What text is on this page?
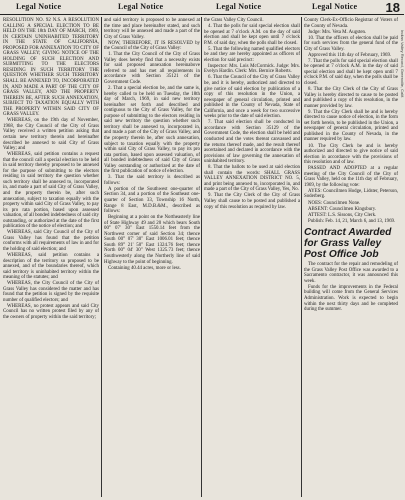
Legal Notice	Legal Notice	Legal Notice	Legal Notice 18
Indian Valley Record, Greenville, Calif.

RESOLUTION NO. 92 N.S. A RESOLUTION CALLING A SPECIAL ELECTION TO BE HELD ON THE 18th DAY OF MARCH, 1969, IN CERTAIN UNINHABITED TERRITORY IN THE STATE OF CALIFORNIA, PROPOSED FOR ANNEXATION TO CITY OF GRASS VALLEY; GIVING NOTICE OF THE HOLDING OF SUCH ELECTION AND SUBMITTING TO THE ELECTORS RESIDING IN SUCH TERRITORY THE QUESTION WHETHER SUCH TERRITORY SHALL BE ANNEXED TO, INCORPORATED IN, AND MADE A PART OF THE CITY OF GRASS VALLEY, AND THE PROPERTY THEREIN BE, AFTER SUCH ANNEXATION, SUBJECT TO TAXATION EQUALLY WITH THE PROPERTY WITHIN SAID CITY OF GRASS VALLEY.

WHEREAS, on the 19th day of November, 1968, the City Council of the City of Grass Valley received a written petition asking that certain new territory therein and hereinafter described be annexed to said City of Grass Valley; and

WHEREAS, said petition contains a request that the council call a special election to be held in said territory thereby proposed to be annexed for the purpose of submitting to the electors residing in said territory the question whether such territory shall be annexed to, incorporated in, and made a part of said City of Grass Valley, and the property therein be, after such annexation, subject to taxation equally with the property within said City of Grass Valley, to pay its pro rata portion, based upon assessed valuation, of all bonded indebtedness of said city outstanding, or authorized at the date of the first publication of the notice of election; and

WHEREAS, said City Council of the City of Grass Valley has found that the petition conforms with all requirements of law in and for the holding of said election; and

WHEREAS, said petition contains a description of the territory so proposed to be annexed, and of the boundaries thereof, which said territory is uninhabited territory within the meaning of the statutes; and

WHEREAS, the City Council of the City of Grass Valley has considered the matter and has found that the petition is signed by the requisite number of qualified electors; and

WHEREAS, no protest appears and said City Council has no written protest filed by any of the owners of property within the said territory;

and said territory is proposed to be annexed at the time and place hereinafter stated, and such territory will be annexed and made a part of the City of Grass Valley.

NOW, THEREFORE, IT IS RESOLVED by the Council of the City of Grass Valley:

1. That the City Council of the City of Grass Valley does hereby find that a necessity exists for said proposed annexation hereinabove referred to and has met all requirements in accordance with Section 35121 of the Government Code.

2. That a special election be, and the same is, hereby called to be held on Tuesday, the 18th day of March, 1969, in said new territory hereinafter set forth and described and contiguous to the City of Grass Valley, for the purpose of submitting to the electors residing in said new territory the question whether such territory shall be annexed to, incorporated in, and made a part of the City of Grass Valley, and the property therein be, after such annexation, subject to taxation equally with the property within said City of Grass Valley, to pay its pro rata portion, based upon assessed valuation, of all bonded indebtedness of said City of Grass Valley outstanding or authorized at the date of the first publication of notice of election.

3. That the said territory is described as follows:

A portion of the Southwest one-quarter of Section 34, and a portion of the Southeast one-quarter of Section 33, Township 16 North, Range 8 East, M.D.B.&M., described as follows:

Beginning at a point on the Northeasterly line of State Highway 49 and 20 which bears South 00° 07' 30" East 1550.14 feet from the Northwest corner of said Section 34; thence South 00° 07' 30" East 1006.01 feet; thence South 89° 21' 50" East 1324.76 feet; thence North 00° 04' 30" West 1325.73 feet; thence Southwesterly along the Northerly line of said Highway to the point of beginning.

Containing 40.44 acres, more or less.

the Grass Valley City Council.

4. That the polls for said special election shall be opened at 7 o'clock A.M. on the day of said election and shall be kept open until 7 o'clock P.M. of said day, when the polls shall be closed.

5. That the following named qualified electors be and they are hereby appointed as officers of election for said precinct:

Inspector: Mrs. Lois McCormick. Judge: Mrs. Evelyn Hardin. Clerk: Mrs. Bernice Roberts.

6. That the Council of the City of Grass Valley be, and it is hereby, authorized and directed to give notice of said election by publication of a copy of this resolution in the Union, a newspaper of general circulation, printed and published in the County of Nevada, State of California, and once a week for two successive weeks prior to the date of said election.

7. That said election shall be conducted in accordance with Section 35129 of the Government Code, the election shall be held and conducted and the votes thereat canvassed and the returns thereof made, and the result thereof ascertained and declared in accordance with the provisions of law governing the annexation of uninhabited territory.

8. That the ballots to be used at said election shall contain the words: SHALL GRASS VALLEY ANNEXATION DISTRICT NO. 5, and print being annexed to, incorporated in, and made a part of the City of Grass Valley, Yes, No.

9. That the City Clerk of the City of Grass Valley shall cause to be posted and published a copy of this resolution as required by law.

County Clerk-Ex-Officio Registrar of Voters of the County of Nevada.

Judge: Mrs. Veta M. Augsten.

10. That the officers of election shall be paid for such services from the general fund of the City of Grass Valley.

Approved this 11th day of February, 1969.

7. That the polls for said special election shall be opened at 7 o'clock A.M. in the day of said special election and shall be kept open until 7 o'clock P.M. of said day, when the polls shall be closed.

8. That the City Clerk of the City of Grass Valley is hereby directed to cause to be posted and published a copy of this resolution, in the manner provided by law.

9. That the City Clerk shall be and is hereby directed to cause notice of election, in the form set forth herein, to be published in the Union, a newspaper of general circulation, printed and published in the County of Nevada, in the manner required by law.

10. The City Clerk be and is hereby authorized and directed to give notice of said election in accordance with the provisions of this resolution and of law.

PASSED AND ADOPTED at a regular meeting of the City Council of the City of Grass Valley, held on the 11th day of February, 1969, by the following vote:

AYES: Councilmen Hodge, Lidster, Peterson, Soderberg.

NOES: Councilmen None.

ABSENT: Councilmen Kingsbury.

ATTEST: L.S. Sissons, City Clerk.

Publish: Feb. 14, 21, March 6, and 13, 1969.

Contract Awarded for Grass Valley Post Office Job

The contract for the repair and remodeling of the Grass Valley Post Office was awarded to a Sacramento contractor, it was announced this week.

Funds for the improvements in the Federal building will come from the General Services Administration. Work is expected to begin within the next thirty days and be completed during the summer.
